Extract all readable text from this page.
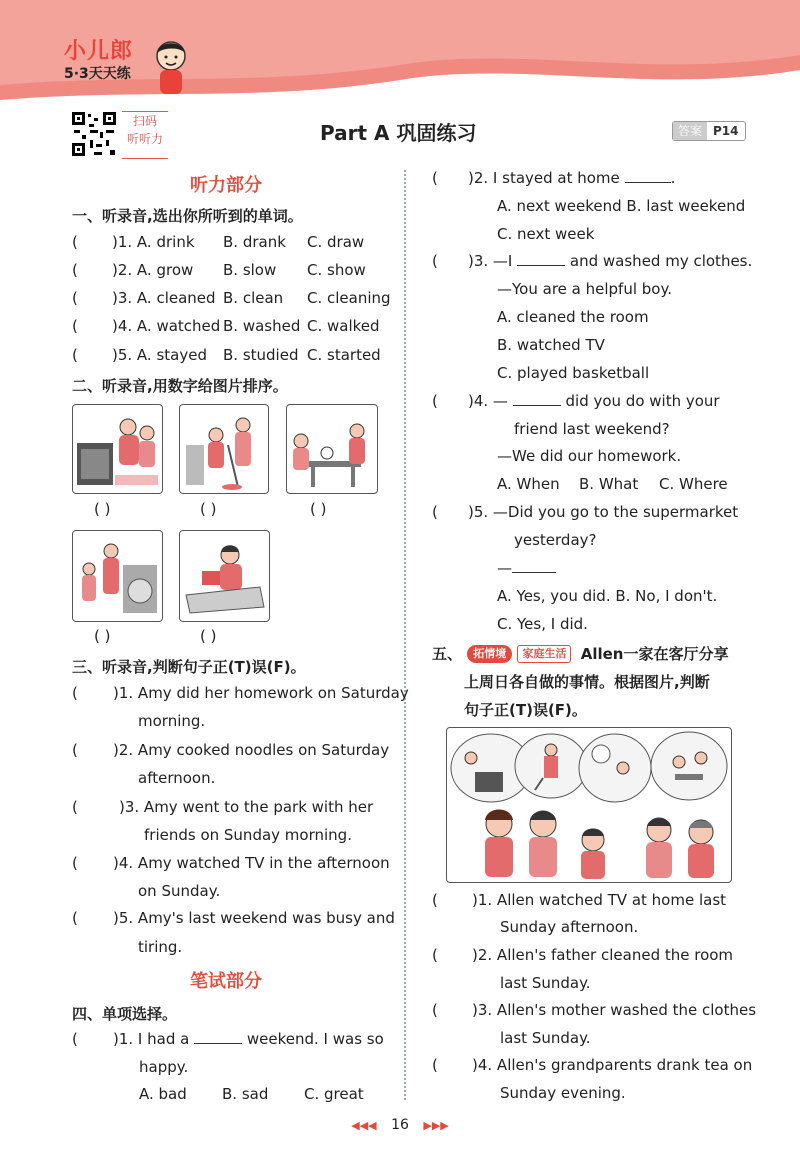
小儿郎
5·3天天练
扫码
听听力	Part A 巩固练习	答案 P14
听力部分
一、听录音,选出你所听到的单词。
( )1. A. drink B. drank C. draw
( )2. A. grow B. slow C. show
( )3. A. cleaned B. clean C. cleaning
( )4. A. watched B. washed C. walked
( )5. A. stayed B. studied C. started
二、听录音,用数字给图片排序。
( )	( )	( )
( )	( )
三、听录音,判断句子正(T)误(F)。
( )1. Amy did her homework on Saturday
morning.
( )2. Amy cooked noodles on Saturday
afternoon.
(	)3. Amy went to the park with her
friends on Sunday morning.
( )4. Amy watched TV in the afternoon
on Sunday.
( )5. Amy's last weekend was busy and
tiring.
笔试部分
四、单项选择。
( )1. I had a	weekend. I was so
happy.
A. bad B. sad C. great
( )2. I stayed at home	.
A. next weekend B. last weekend
C. next week
( )3. —I	and washed my clothes.
—You are a helpful boy.
A. cleaned the room
B. watched TV
C. played basketball
( )4. —	did you do with your
friend last weekend?
—We did our homework.
A. When B. What C. Where
( )5. —Did you go to the supermarket
yesterday?
—
A. Yes, you did. B. No, I don't.
C. Yes, I did.
五、 拓情境 家庭生活 Allen一家在客厅分享
上周日各自做的事情。根据图片,判断
句子正(T)误(F)。
( )1. Allen watched TV at home last
Sunday afternoon.
( )2. Allen's father cleaned the room
last Sunday.
( )3. Allen's mother washed the clothes
last Sunday.
( )4. Allen's grandparents drank tea on
Sunday evening.
◀◀◀ 16 ▶▶▶
